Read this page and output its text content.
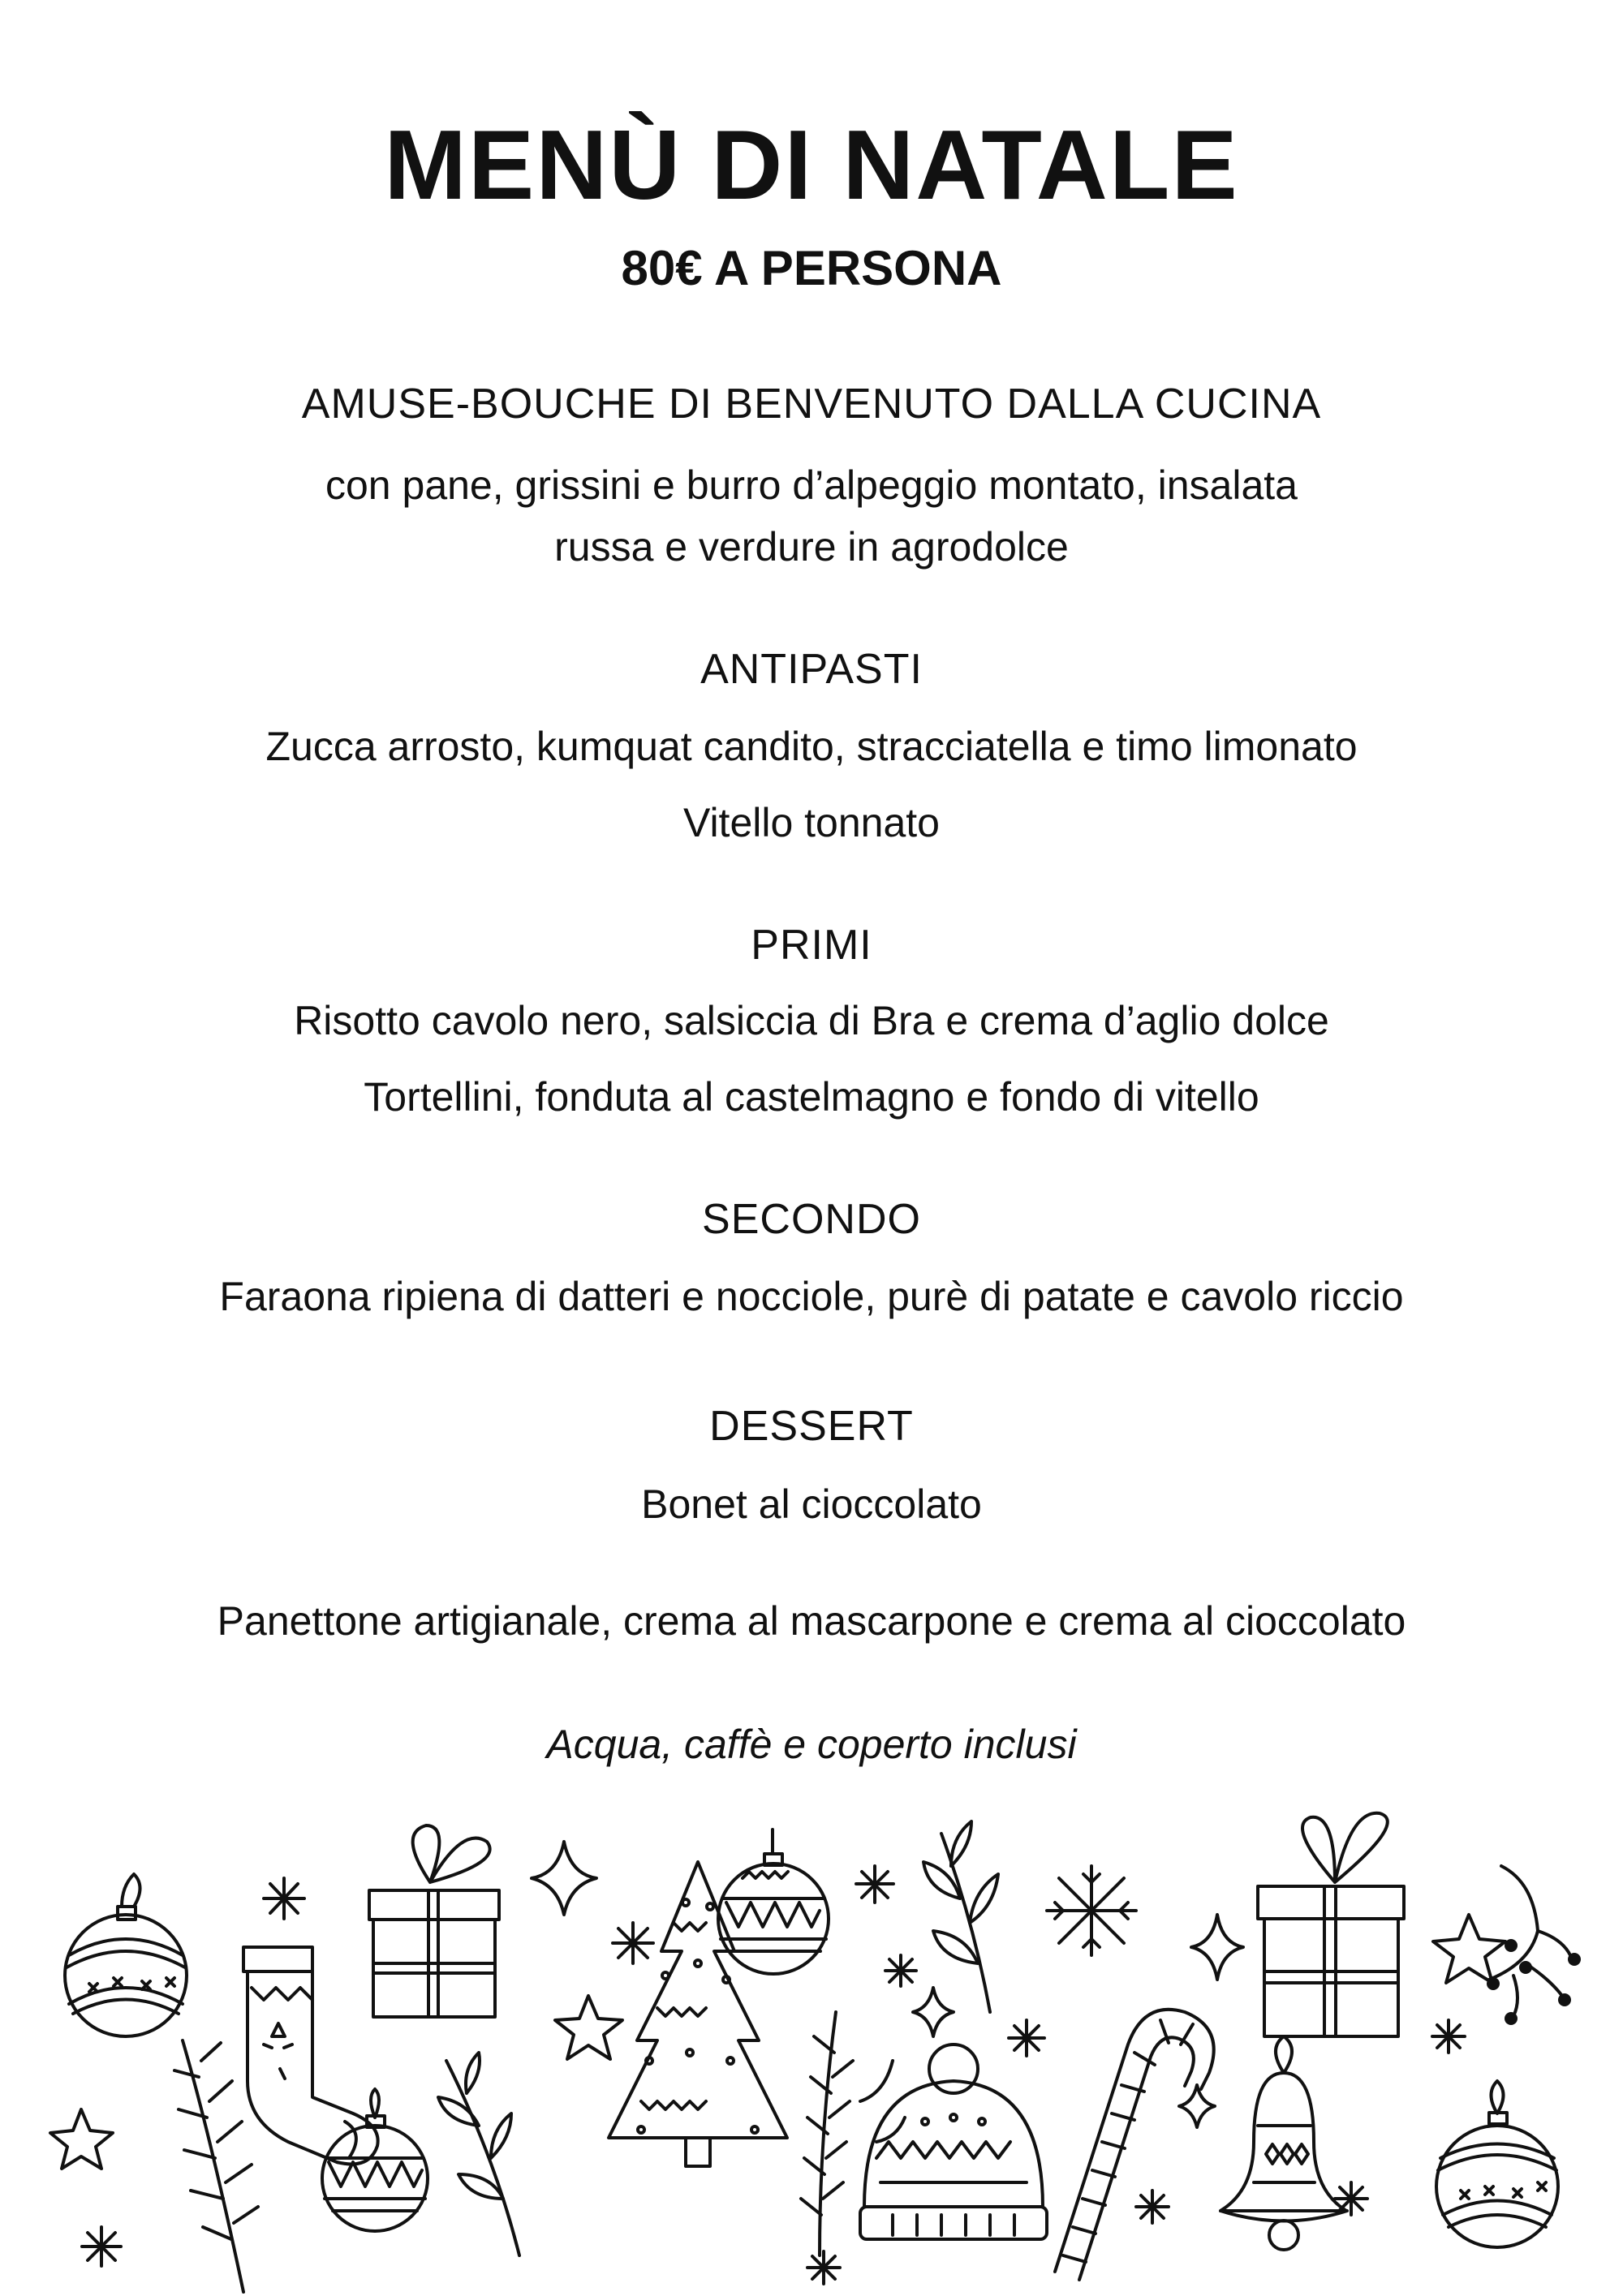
MENÙ DI NATALE
80€ A PERSONA
AMUSE-BOUCHE DI BENVENUTO DALLA CUCINA
con pane, grissini e burro d’alpeggio montato, insalata
russa e verdure in agrodolce
ANTIPASTI
Zucca arrosto, kumquat candito, stracciatella e timo limonato
Vitello tonnato
PRIMI
Risotto cavolo nero, salsiccia di Bra e crema d’aglio dolce
Tortellini, fonduta al castelmagno e fondo di vitello
SECONDO
Faraona ripiena di datteri e nocciole, purè di patate e cavolo riccio
DESSERT
Bonet al cioccolato
Panettone artigianale, crema al mascarpone e crema al cioccolato
Acqua, caffè e coperto inclusi
